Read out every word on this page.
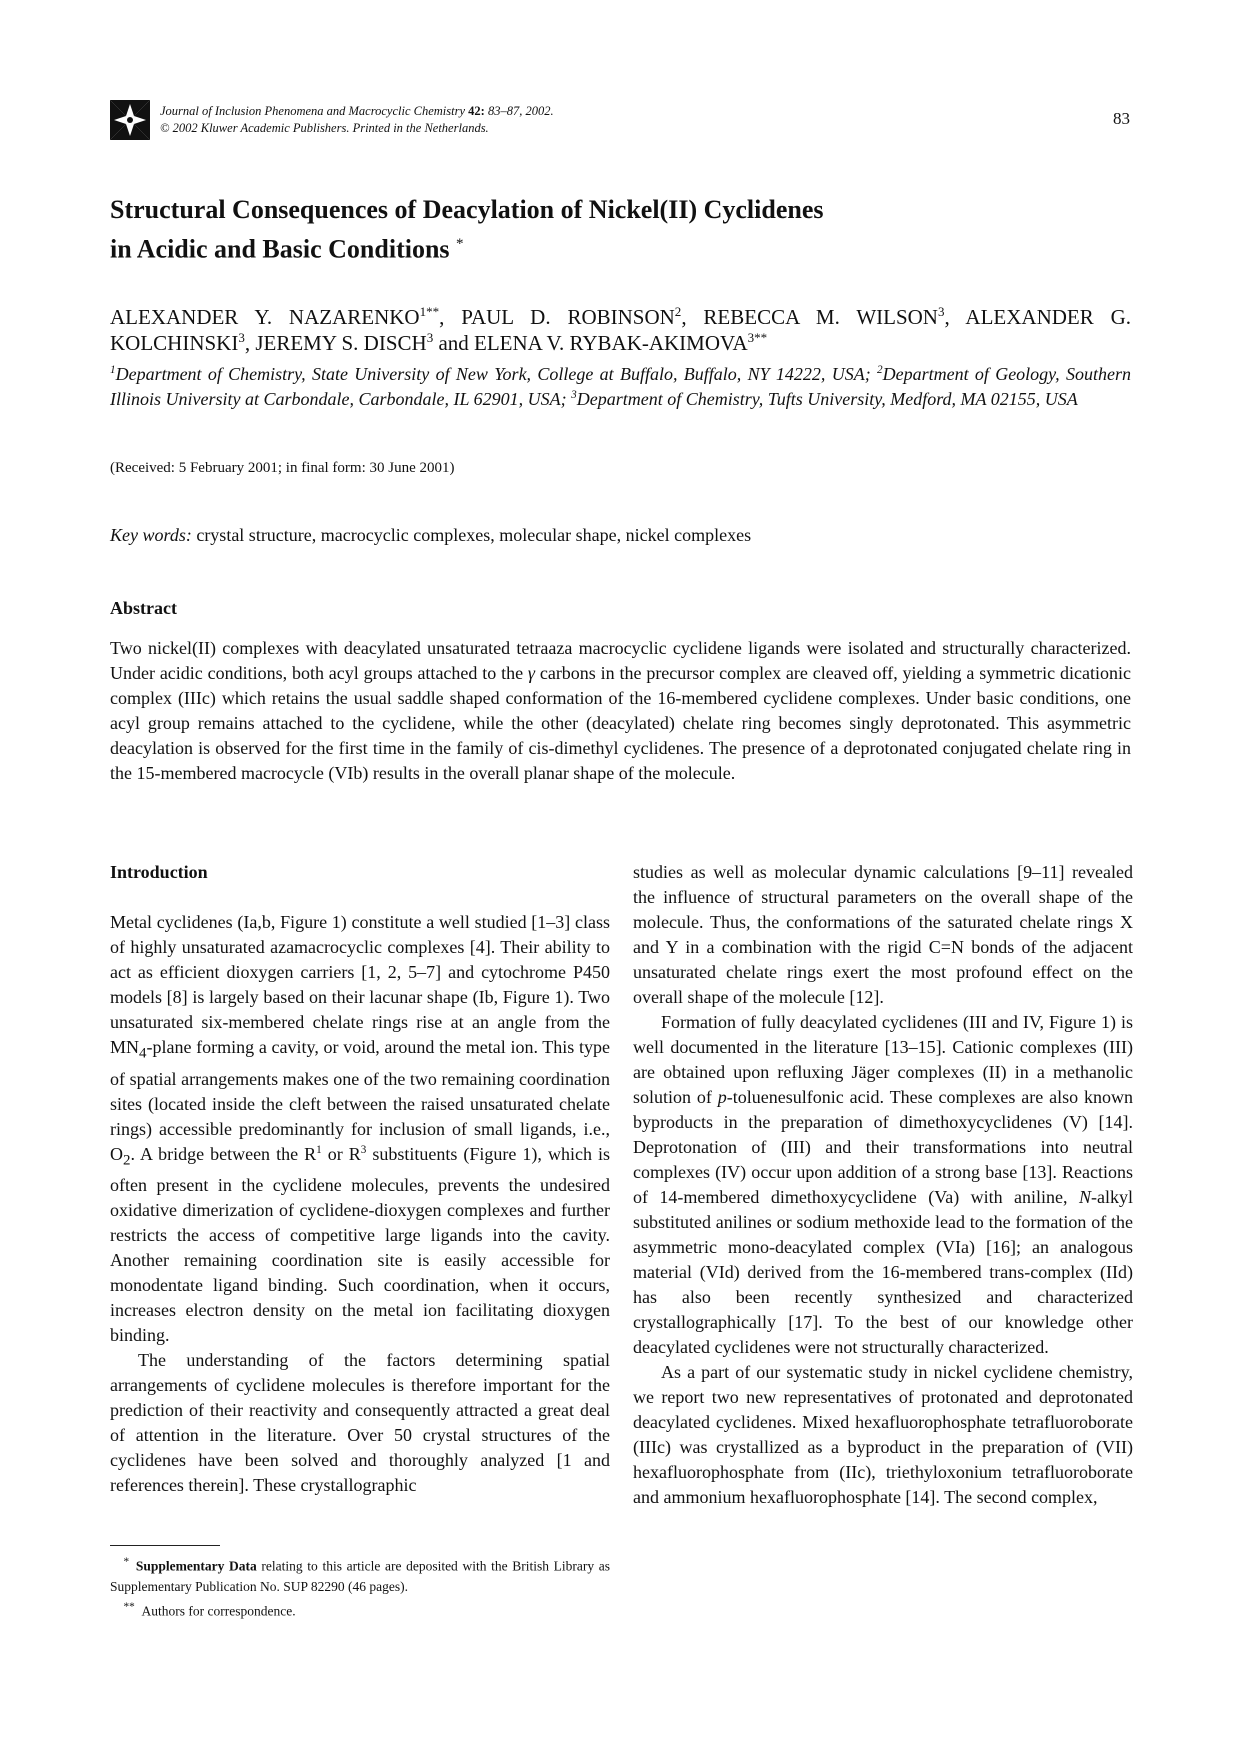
Journal of Inclusion Phenomena and Macrocyclic Chemistry 42: 83–87, 2002.
© 2002 Kluwer Academic Publishers. Printed in the Netherlands.	83
Structural Consequences of Deacylation of Nickel(II) Cyclidenes
in Acidic and Basic Conditions *
ALEXANDER Y. $NAZARENKO^{1**}$, PAUL D. ROBINSON$^2$, REBECCA M. WILSON$^3$, ALEXANDER G. KOLCHINSKI$^3$, JEREMY S. DISCH$^3$ and ELENA V. RYBAK-$AKIMOVA^{3**}$
$^1$Department of Chemistry, State University of New York, College at Buffalo, Buffalo, NY 14222, USA; $^2$Department of Geology, Southern Illinois University at Carbondale, Carbondale, IL 62901, USA; $^3$Department of Chemistry, Tufts University, Medford, MA 02155, USA
(Received: 5 February 2001; in final form: 30 June 2001)
Key words: crystal structure, macrocyclic complexes, molecular shape, nickel complexes
Abstract
Two nickel(II) complexes with deacylated unsaturated tetraaza macrocyclic cyclidene ligands were isolated and structurally characterized. Under acidic conditions, both acyl groups attached to the γ carbons in the precursor complex are cleaved off, yielding a symmetric dicationic complex (IIIc) which retains the usual saddle shaped conformation of the 16-membered cyclidene complexes. Under basic conditions, one acyl group remains attached to the cyclidene, while the other (deacylated) chelate ring becomes singly deprotonated. This asymmetric deacylation is observed for the first time in the family of cis-dimethyl cyclidenes. The presence of a deprotonated conjugated chelate ring in the 15-membered macrocycle (VIb) results in the overall planar shape of the molecule.
Introduction

Metal cyclidenes (Ia,b, Figure 1) constitute a well studied [1–3] class of highly unsaturated azamacrocyclic complexes [4]. Their ability to act as efficient dioxygen carriers [1, 2, 5–7] and cytochrome P450 models [8] is largely based on their lacunar shape (Ib, Figure 1). Two unsaturated six-membered chelate rings rise at an angle from the $MN_4$-plane forming a cavity, or void, around the metal ion. This type of spatial arrangements makes one of the two remaining coordination sites (located inside the cleft between the raised unsaturated chelate rings) accessible predominantly for inclusion of small ligands, i.e., $O_2$. A bridge between the $R^1$ or $R^3$ substituents (Figure 1), which is often present in the cyclidene molecules, prevents the undesired oxidative dimerization of cyclidene-dioxygen complexes and further restricts the access of competitive large ligands into the cavity. Another remaining coordination site is easily accessible for monodentate ligand binding. Such coordination, when it occurs, increases electron density on the metal ion facilitating dioxygen binding.

The understanding of the factors determining spatial arrangements of cyclidene molecules is therefore important for the prediction of their reactivity and consequently attracted a great deal of attention in the literature. Over 50 crystal structures of the cyclidenes have been solved and thoroughly analyzed [1 and references therein]. These crystallographic

studies as well as molecular dynamic calculations [9–11] revealed the influence of structural parameters on the overall shape of the molecule. Thus, the conformations of the saturated chelate rings X and Y in a combination with the rigid C=N bonds of the adjacent unsaturated chelate rings exert the most profound effect on the overall shape of the molecule [12].

Formation of fully deacylated cyclidenes (III and IV, Figure 1) is well documented in the literature [13–15]. Cationic complexes (III) are obtained upon refluxing Jäger complexes (II) in a methanolic solution of p-toluenesulfonic acid. These complexes are also known byproducts in the preparation of dimethoxycyclidenes (V) [14]. Deprotonation of (III) and their transformations into neutral complexes (IV) occur upon addition of a strong base [13]. Reactions of 14-membered dimethoxycyclidene (Va) with aniline, N-alkyl substituted anilines or sodium methoxide lead to the formation of the asymmetric mono-deacylated complex (VIa) [16]; an analogous material (VId) derived from the 16-membered trans-complex (IId) has also been recently synthesized and characterized crystallographically [17]. To the best of our knowledge other deacylated cyclidenes were not structurally characterized.

As a part of our systematic study in nickel cyclidene chemistry, we report two new representatives of protonated and deprotonated deacylated cyclidenes. Mixed hexafluorophosphate tetrafluoroborate (IIIc) was crystallized as a byproduct in the preparation of (VII) hexafluorophosphate from (IIc), triethyloxonium tetrafluoroborate and ammonium hexafluorophosphate [14]. The second complex,

  *  Supplementary Data relating to this article are deposited with the British Library as Supplementary Publication No. SUP 82290 (46 pages).

  **  Authors for correspondence.
